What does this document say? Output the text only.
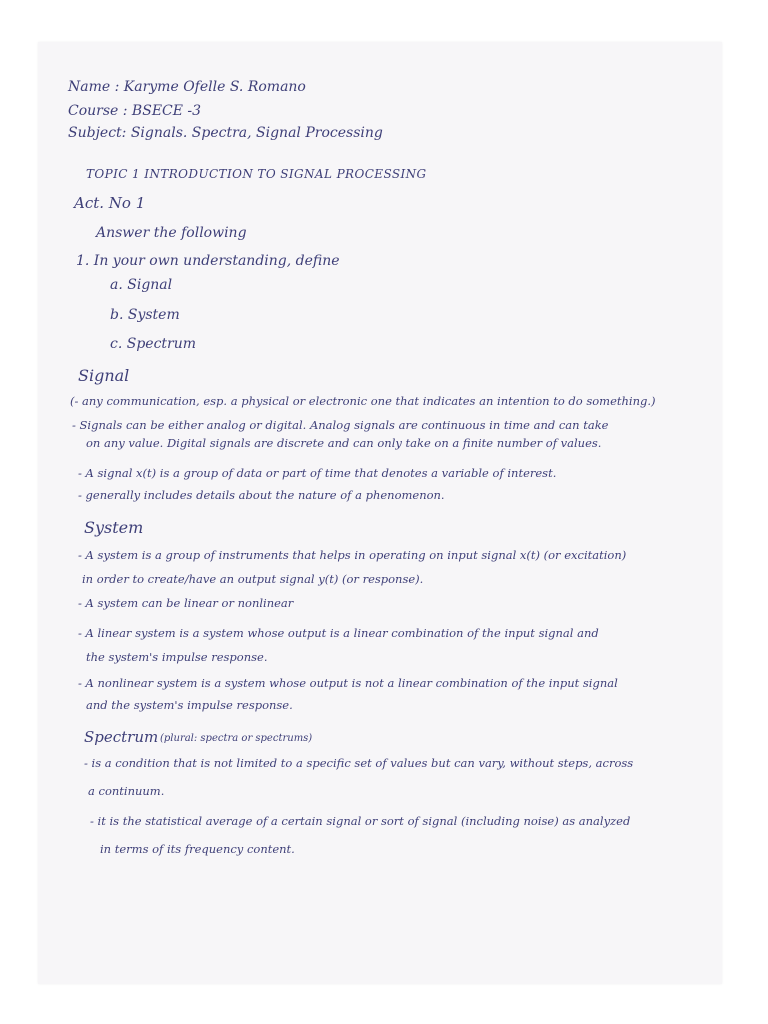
Name : Karyme Ofelle S. Romano
Course : BSECE -3
Subject: Signals. Spectra, Signal Processing
TOPIC 1 INTRODUCTION TO SIGNAL PROCESSING
Act. No 1
Answer the following
1. In your own understanding, define
a. Signal
b. System
c. Spectrum
Signal
(- any communication, esp. a physical or electronic one that indicates an intention to do something.)
- Signals can be either analog or digital. Analog signals are continuous in time and can take
on any value. Digital signals are discrete and can only take on a finite number of values.
- A signal x(t) is a group of data or part of time that denotes a variable of interest.
- generally includes details about the nature of a phenomenon.
System
- A system is a group of instruments that helps in operating on input signal x(t) (or excitation)
in order to create/have an output signal y(t) (or response).
- A system can be linear or nonlinear
- A linear system is a system whose output is a linear combination of the input signal and
the system's impulse response.
- A nonlinear system is a system whose output is not a linear combination of the input signal
and the system's impulse response.
Spectrum (plural: spectra or spectrums)
- is a condition that is not limited to a specific set of values but can vary, without steps, across
a continuum.
- it is the statistical average of a certain signal or sort of signal (including noise) as analyzed
in terms of its frequency content.
